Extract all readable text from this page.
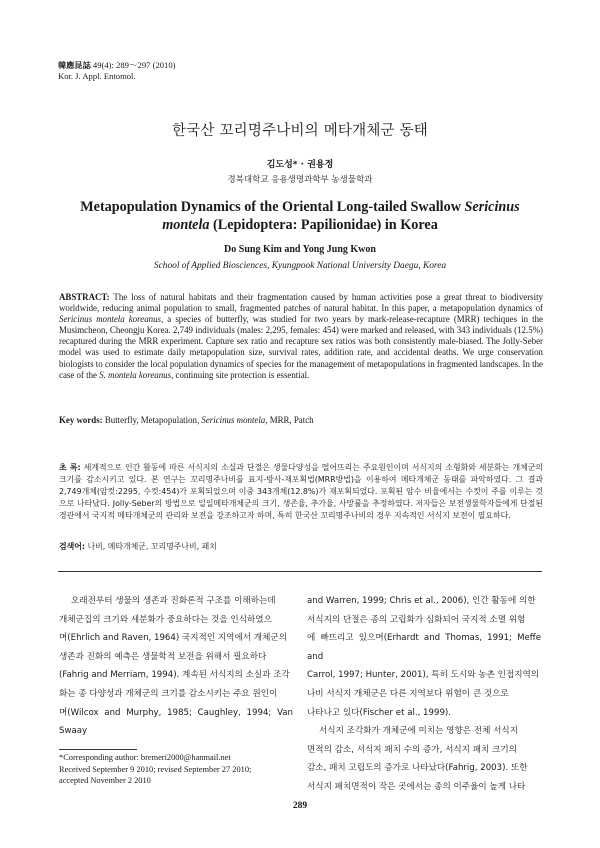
韓應昆誌 49(4): 289～297 (2010)
Kor. J. Appl. Entomol.
한국산 꼬리명주나비의 메타개체군 동태
김도성* · 권용정
경북대학교 응용생명과학부 농생물학과
Metapopulation Dynamics of the Oriental Long-tailed Swallow Sericinus
montela (Lepidoptera: Papilionidae) in Korea
Do Sung Kim and Yong Jung Kwon
School of Applied Biosciences, Kyungpook National University Daegu, Korea
ABSTRACT: The loss of natural habitats and their fragmentation caused by human activities pose a great threat to biodiversity worldwide, reducing animal population to small, fragmented patches of natural habitat. In this paper, a metapopulation dynamics of Sericinus montela koreanus, a species of butterfly, was studied for two years by mark-release-recapture (MRR) techiques in the Musimcheon, Cheongju Korea. 2,749 individuals (males: 2,295, females: 454) were marked and released, with 343 individuals (12.5%) recaptured during the MRR experiment. Capture sex ratio and recapture sex ratios was both consistently male-biased. The Jolly-Seber model was used to estimate daily metapopulation size, survival rates, addition rate, and accidental deaths. We urge conservation biologists to consider the local population dynamics of species for the management of metapopulations in fragmented landscapes. In the case of the S. montela koreanus, continuing site protection is essential.
Key words: Butterfly, Metapopulation, Sericinus montela, MRR, Patch
초 록: 세계적으로 인간 활동에 따른 서식지의 소실과 단절은 생물다양성을 떨어뜨리는 주요원인이며 서식지의 소형화와 세분화는 개체군의 크기를 감소시키고 있다. 본 연구는 꼬리명주나비를 표지-방사-재포획법(MRR방법)을 이용하여 메타개체군 동태를 파악하였다. 그 결과 2,749개체(암컷:2295, 수컷:454)가 포획되었으며 이중 343개체(12.8%)가 재포획되었다. 포획된 암수 비율에서는 수컷이 주를 이루는 것으로 나타났다. Jolly-Seber의 방법으로 일일메타개체군의 크기, 생존율, 추가율, 사망률을 추정하였다. 저자들은 보전생물학자들에게 단절된 경관에서 국지적 메타개체군의 관리와 보전을 강조하고자 하며, 특히 한국산 꼬리명주나비의 경우 지속적인 서식지 보전이 필요하다.
검색어: 나비, 메타개체군, 꼬리명주나비, 패치

오래전부터 생물의 생존과 진화론적 구조를 이해하는데

개체군집의 크기와 세분화가 중요하다는 것을 인식하였으

며(Ehrlich and Raven, 1964) 국지적인 지역에서 개체군의

생존과 진화의 예측은 생물학적 보전을 위해서 필요하다

(Fahrig and Merriam, 1994). 계속된 서식지의 소실과 조각

화는 종 다양성과 개체군의 크기를 감소시키는 주요 원인이

며(Wilcox and Murphy, 1985; Caughley, 1994; Van Swaay

and Warren, 1999; Chris et al., 2006), 인간 활동에 의한

서식지의 단절은 종의 고립화가 심화되어 국지적 소멸 위험

에 빠뜨리고 있으며(Erhardt and Thomas, 1991; Meffe and

Carrol, 1997; Hunter, 2001), 특히 도시와 농촌 인접지역의

나비 서식지 개체군은 다른 지역보다 위험이 큰 것으로

나타나고 있다(Fischer et al., 1999).

서식지 조각화가 개체군에 미치는 영향은 전체 서식지

면적의 감소, 서식지 패치 수의 증가, 서식지 패치 크기의

감소, 패치 고립도의 증가로 나타났다(Fahrig, 2003). 또한

서식지 패치면적이 작은 곳에서는 종의 이주율이 높게 나타

*Corresponding author: bremeri2000@hanmail.net
Received September 9 2010; revised September 27 2010;
accepted November 2 2010
289
